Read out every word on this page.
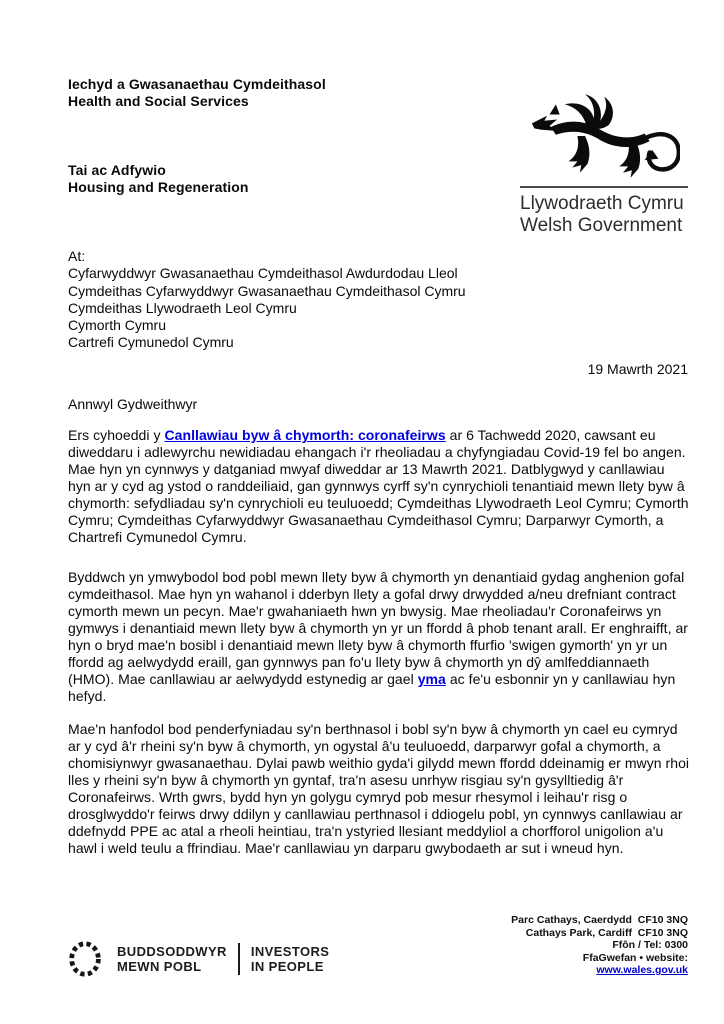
Iechyd a Gwasanaethau Cymdeithasol
Health and Social Services
Tai ac Adfywio
Housing and Regeneration
Llywodraeth Cymru
Welsh Government
At:
Cyfarwyddwyr Gwasanaethau Cymdeithasol Awdurdodau Lleol
Cymdeithas Cyfarwyddwyr Gwasanaethau Cymdeithasol Cymru
Cymdeithas Llywodraeth Leol Cymru
Cymorth Cymru
Cartrefi Cymunedol Cymru
19 Mawrth 2021
Annwyl Gydweithwyr

Ers cyhoeddi y Canllawiau byw â chymorth: coronafeirws ar 6 Tachwedd 2020, cawsant eu diweddaru i adlewyrchu newidiadau ehangach i'r rheoliadau a chyfyngiadau Covid-19 fel bo angen. Mae hyn yn cynnwys y datganiad mwyaf diweddar ar 13 Mawrth 2021. Datblygwyd y canllawiau hyn ar y cyd ag ystod o randdeiliaid, gan gynnwys cyrff sy'n cynrychioli tenantiaid mewn llety byw â chymorth: sefydliadau sy'n cynrychioli eu teuluoedd; Cymdeithas Llywodraeth Leol Cymru; Cymorth Cymru; Cymdeithas Cyfarwyddwyr Gwasanaethau Cymdeithasol Cymru; Darparwyr Cymorth, a Chartrefi Cymunedol Cymru.

Byddwch yn ymwybodol bod pobl mewn llety byw â chymorth yn denantiaid gydag anghenion gofal cymdeithasol. Mae hyn yn wahanol i dderbyn llety a gofal drwy drwydded a/neu drefniant contract cymorth mewn un pecyn. Mae'r gwahaniaeth hwn yn bwysig. Mae rheoliadau'r Coronafeirws yn gymwys i denantiaid mewn llety byw â chymorth yn yr un ffordd â phob tenant arall. Er enghraifft, ar hyn o bryd mae'n bosibl i denantiaid mewn llety byw â chymorth ffurfio 'swigen gymorth' yn yr un ffordd ag aelwydydd eraill, gan gynnwys pan fo'u llety byw â chymorth yn dŷ amlfeddiannaeth (HMO). Mae canllawiau ar aelwydydd estynedig ar gael yma ac fe'u esbonnir yn y canllawiau hyn hefyd.

Mae'n hanfodol bod penderfyniadau sy'n berthnasol i bobl sy'n byw â chymorth yn cael eu cymryd ar y cyd â'r rheini sy'n byw â chymorth, yn ogystal â'u teuluoedd, darparwyr gofal a chymorth, a chomisiynwyr gwasanaethau. Dylai pawb weithio gyda'i gilydd mewn ffordd ddeinamig er mwyn rhoi lles y rheini sy'n byw â chymorth yn gyntaf, tra'n asesu unrhyw risgiau sy'n gysylltiedig â'r Coronafeirws. Wrth gwrs, bydd hyn yn golygu cymryd pob mesur rhesymol i leihau'r risg o drosglwyddo'r feirws drwy ddilyn y canllawiau perthnasol i ddiogelu pobl, yn cynnwys canllawiau ar ddefnydd PPE ac atal a rheoli heintiau, tra'n ystyried llesiant meddyliol a chorfforol unigolion a'u hawl i weld teulu a ffrindiau. Mae'r canllawiau yn darparu gwybodaeth ar sut i wneud hyn.

BUDDSODDWYR
MEWN POBL
INVESTORS
IN PEOPLE
Parc Cathays, Caerdydd  CF10 3NQ
Cathays Park, Cardiff  CF10 3NQ
Ffôn / Tel: 0300
FfaGwefan • website:
www.wales.gov.uk
